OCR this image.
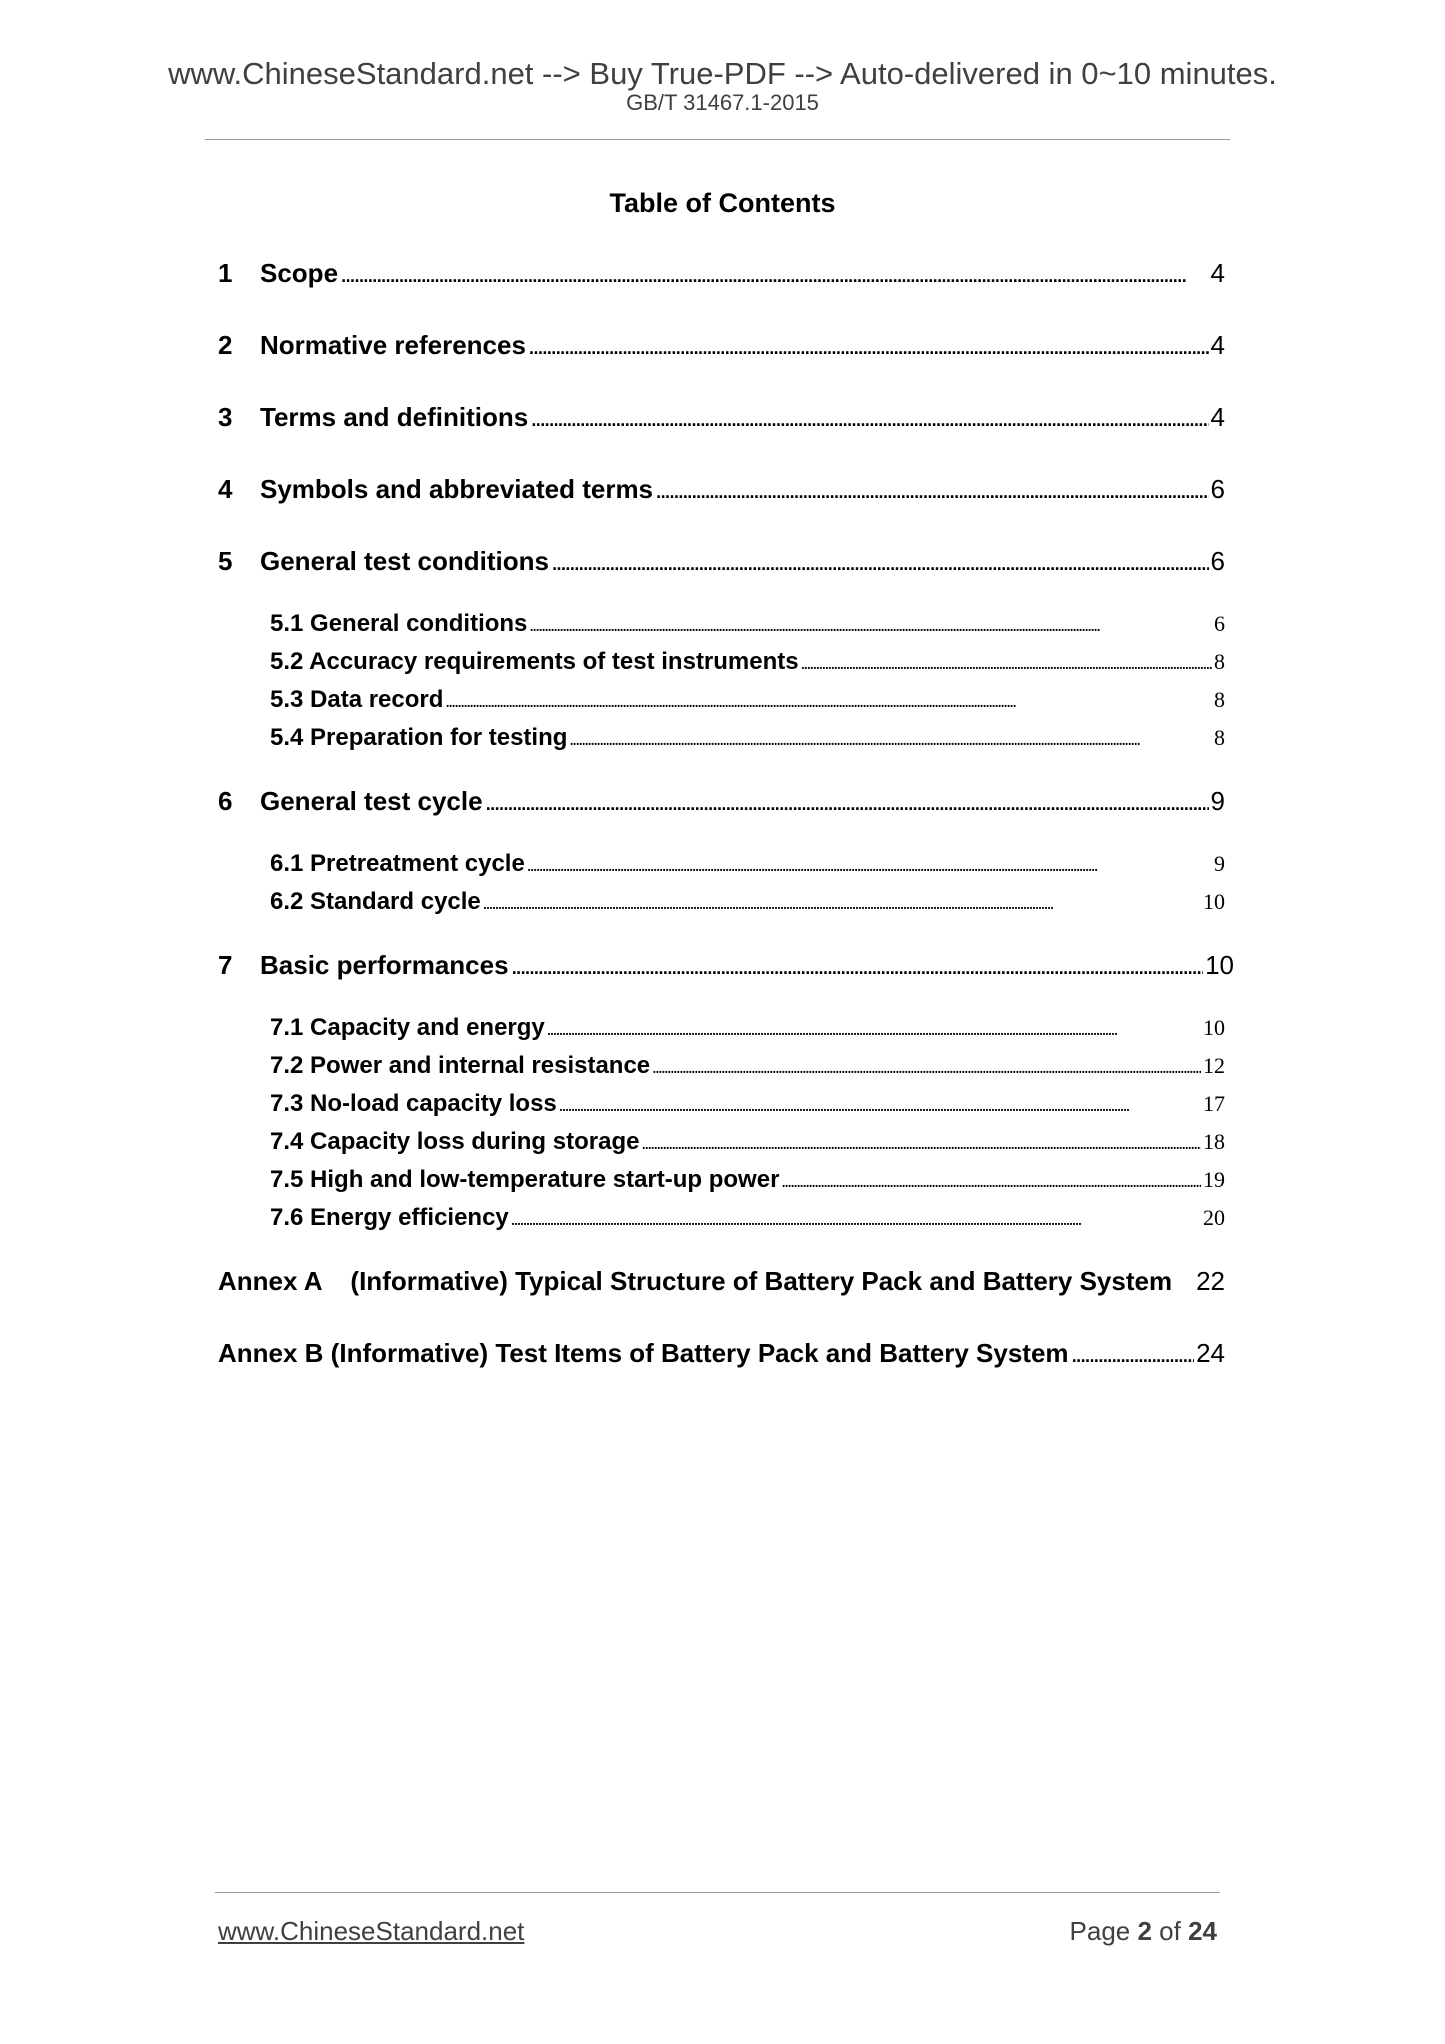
www.ChineseStandard.net --> Buy True-PDF --> Auto-delivered in 0~10 minutes.
GB/T 31467.1-2015
Table of Contents
1	Scope . . .	4
2	Normative references . . .	4
3	Terms and definitions . . .	4
4	Symbols and abbreviated terms . . .	6
5	General test conditions . . .	6
5.1 General conditions . . .	6
5.2 Accuracy requirements of test instruments . . .	8
5.3 Data record . . .	8
5.4 Preparation for testing . . .	8
6	General test cycle . . .	9
6.1 Pretreatment cycle . . .	9
6.2 Standard cycle . . .	10
7	Basic performances . . .	10
7.1 Capacity and energy . . .	10
7.2 Power and internal resistance . . .	12
7.3 No-load capacity loss . . .	17
7.4 Capacity loss during storage . . .	18
7.5 High and low-temperature start-up power . . .	19
7.6 Energy efficiency . . .	20
Annex A    (Informative) Typical Structure of Battery Pack and Battery System 22
Annex B (Informative) Test Items of Battery Pack and Battery System . . .	24
www.ChineseStandard.net	Page 2 of 24
